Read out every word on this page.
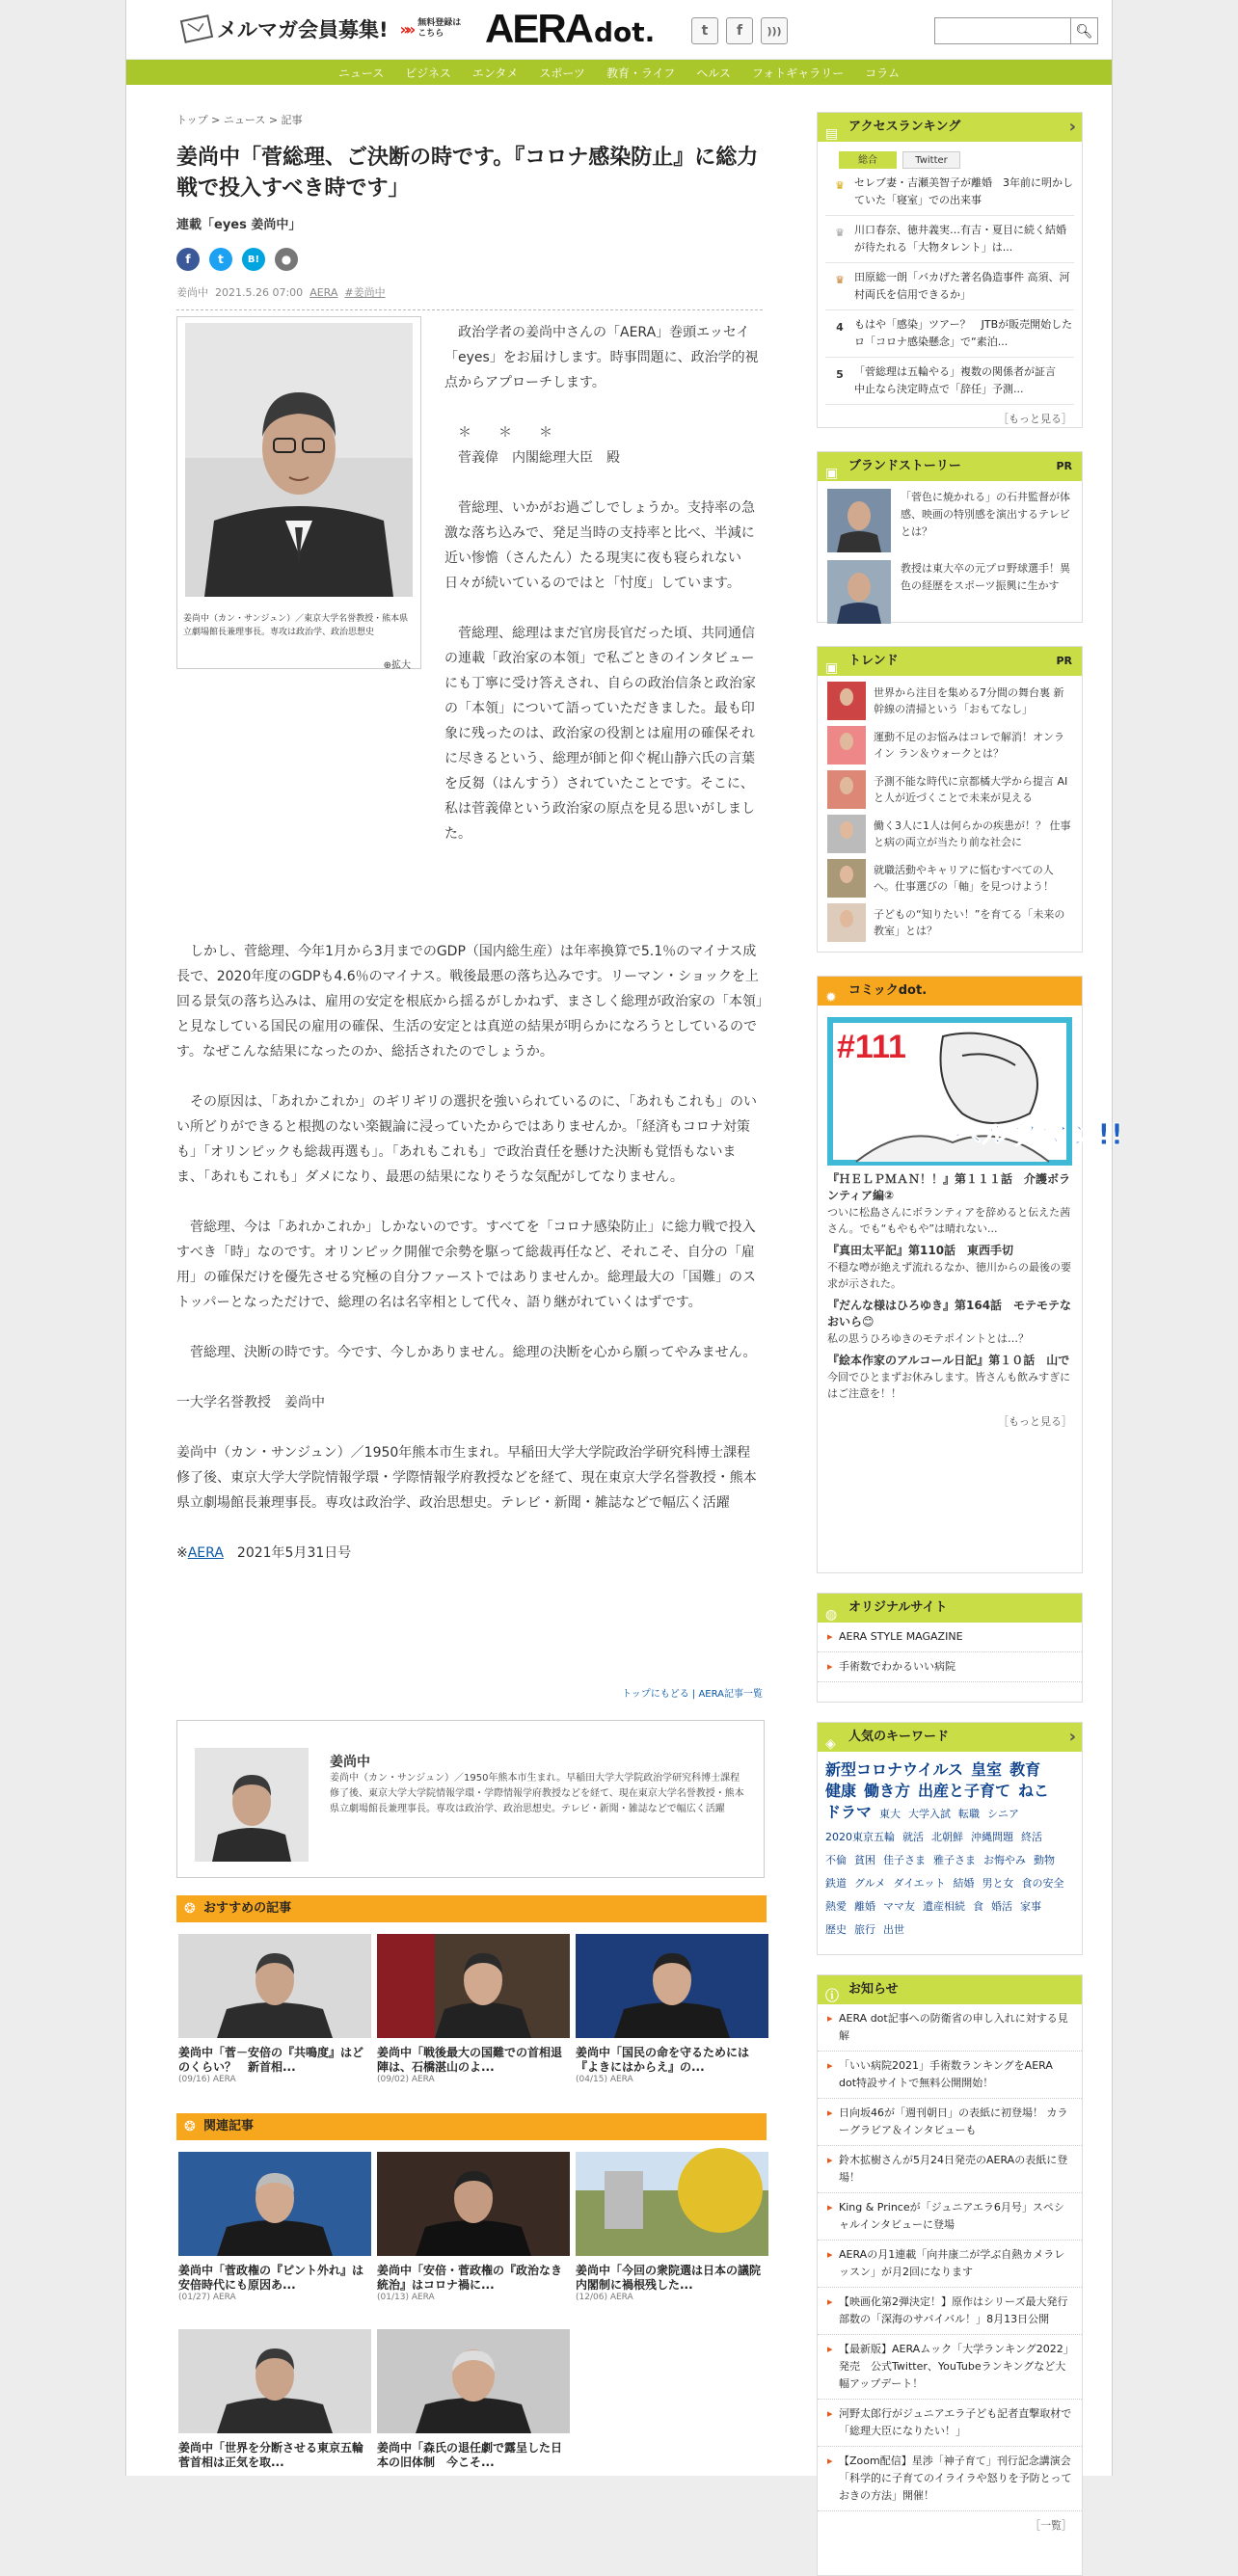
メルマガ会員募集! »» 無料登録は
こちら	AERA dot.	t	f	)))	🔍︎
ニュース ビジネス エンタメ スポーツ 教育・ライフ ヘルス フォトギャラリー コラム
トップ > ニュース > 記事
姜尚中「菅総理、ご決断の時です。『コロナ感染防止』に総力戦で投入すべき時です」
連載「eyes 姜尚中」
f	t	B!	●
姜尚中 2021.5.26 07:00 AERA #姜尚中
姜尚中（カン・サンジュン）／東京大学名誉教授・熊本県立劇場館長兼理事長。専攻は政治学、政治思想史
⊕拡大

政治学者の姜尚中さんの「AERA」巻頭エッセイ「eyes」をお届けします。時事問題に、政治学的視点からアプローチします。

＊　　＊　　＊
　菅義偉　内閣総理大臣　殿

菅総理、いかがお過ごしでしょうか。支持率の急激な落ち込みで、発足当時の支持率と比べ、半減に近い惨憺（さんたん）たる現実に夜も寝られない日々が続いているのではと「忖度」しています。

菅総理、総理はまだ官房長官だった頃、共同通信の連載「政治家の本領」で私ごときのインタビューにも丁寧に受け答えされ、自らの政治信条と政治家の「本領」について語っていただきました。最も印象に残ったのは、政治家の役割とは雇用の確保それに尽きるという、総理が師と仰ぐ梶山静六氏の言葉を反芻（はんすう）されていたことです。そこに、私は菅義偉という政治家の原点を見る思いがしました。

しかし、菅総理、今年1月から3月までのGDP（国内総生産）は年率換算で5.1％のマイナス成長で、2020年度のGDPも4.6％のマイナス。戦後最悪の落ち込みです。リーマン・ショックを上回る景気の落ち込みは、雇用の安定を根底から揺るがしかねず、まさしく総理が政治家の「本領」と見なしている国民の雇用の確保、生活の安定とは真逆の結果が明らかになろうとしているのです。なぜこんな結果になったのか、総括されたのでしょうか。

その原因は、「あれかこれか」のギリギリの選択を強いられているのに、「あれもこれも」のいい所どりができると根拠のない楽観論に浸っていたからではありませんか。「経済もコロナ対策も」「オリンピックも総裁再選も」。「あれもこれも」で政治責任を懸けた決断も覚悟もないまま、「あれもこれも」ダメになり、最悪の結果になりそうな気配がしてなりません。

菅総理、今は「あれかこれか」しかないのです。すべてを「コロナ感染防止」に総力戦で投入すべき「時」なのです。オリンピック開催で余勢を駆って総裁再任など、それこそ、自分の「雇用」の確保だけを優先させる究極の自分ファーストではありませんか。総理最大の「国難」のストッパーとなっただけで、総理の名は名宰相として代々、語り継がれていくはずです。

菅総理、決断の時です。今です、今しかありません。総理の決断を心から願ってやみません。

一大学名誉教授　姜尚中

姜尚中（カン・サンジュン）／1950年熊本市生まれ。早稲田大学大学院政治学研究科博士課程修了後、東京大学大学院情報学環・学際情報学府教授などを経て、現在東京大学名誉教授・熊本県立劇場館長兼理事長。専攻は政治学、政治思想史。テレビ・新聞・雑誌などで幅広く活躍

※AERA　2021年5月31日号

トップにもどる | AERA記事一覧
姜尚中
姜尚中（カン・サンジュン）／1950年熊本市生まれ。早稲田大学大学院政治学研究科博士課程修了後、東京大学大学院情報学環・学際情報学府教授などを経て、現在東京大学名誉教授・熊本県立劇場館長兼理事長。専攻は政治学、政治思想史。テレビ・新聞・雑誌などで幅広く活躍
❂ おすすめの記事
姜尚中「菅－安倍の『共鳴度』はどのくらい？　新首相...
(09/16) AERA
姜尚中「戦後最大の国難での首相退陣は、石橋湛山のよ...
(09/02) AERA
姜尚中「国民の命を守るためには『よきにはからえ』の...
(04/15) AERA
❂ 関連記事
姜尚中「菅政権の『ピント外れ』は安倍時代にも原因あ...
(01/27) AERA
姜尚中「安倍・菅政権の『政治なき統治』はコロナ禍に...
(01/13) AERA
姜尚中「今回の衆院選は日本の議院内閣制に禍根残した...
(12/06) AERA
姜尚中「世界を分断させる東京五輪　菅首相は正気を取...
姜尚中「森氏の退任劇で露呈した日本の旧体制　今こそ...
▤ アクセスランキング	›
総合	Twitter
♛ セレブ妻・吉瀬美智子が離婚　3年前に明かしていた「寝室」での出来事
♛ 川口春奈、徳井義実…有吉・夏目に続く結婚が待たれる「大物タレント」は...
♛ 田原総一朗「バカげた著名偽造事件 高須、河村両氏を信用できるか」
4	もはや「感染」ツアー？　JTBが販売開始したロ「コロナ感染懸念」で“素泊...
5	「菅総理は五輪やる」複数の関係者が証言　中止なら決定時点で「辞任」予測...
［もっと見る］
▣ ブランドストーリー	PR
「菅色に焼かれる」の石井監督が体感、映画の特別感を演出するテレビとは？
教授は東大卒の元プロ野球選手！異色の経歴をスポーツ振興に生かす
▣ トレンド	PR
世界から注目を集める7分間の舞台裏 新幹線の清掃という「おもてなし」
運動不足のお悩みはコレで解消！オンライン ラン＆ウォークとは？
予測不能な時代に京都橘大学から提言 AIと人が近づくことで未来が見える
働く3人に1人は何らかの疾患が！？ 仕事と病の両立が当たり前な社会に
就職活動やキャリアに悩むすべての人へ。仕事選びの「軸」を見つけよう！
子どもの“知りたい！”を育てる「未来の教室」とは？
✹ コミックdot.
#111
ヘルプマン!!
『ＨＥＬＰＭＡＮ！！』第１１１話　介護ボランティア編②
ついに松島さんにボランティアを辞めると伝えた茜さん。でも“もやもや”は晴れない...
『真田太平記』第110話　東西手切
不穏な噂が絶えず流れるなか、徳川からの最後の要求が示された。
『だんな様はひろゆき』第164話　モテモテなおいら😊
私の思うひろゆきのモテポイントとは…？
『絵本作家のアルコール日記』第１０話　山で
今回でひとまずお休みします。皆さんも飲みすぎにはご注意を！！
［もっと見る］
◍ オリジナルサイト
▸ AERA STYLE MAGAZINE
▸ 手術数でわかるいい病院
◈ 人気のキーワード	›
新型コロナウイルス 皇室 教育健康 働き方 出産と子育て ねこドラマ 東大 大学入試 転職 シニア2020東京五輪 就活 北朝鮮 沖縄問題 終活不倫 貧困 佳子さま 雅子さま お悔やみ 動物鉄道 グルメ ダイエット 結婚 男と女 食の安全熱愛 離婚 ママ友 遺産相続 食 婚活 家事歴史 旅行 出世
ⓘ お知らせ
▸ AERA dot記事への防衛省の申し入れに対する見解
▸ 「いい病院2021」手術数ランキングをAERA dot特設サイトで無料公開開始！
▸ 日向坂46が「週刊朝日」の表紙に初登場！ カラーグラビア＆インタビューも
▸ 鈴木拡樹さんが5月24日発売のAERAの表紙に登場！
▸ King & Princeが「ジュニアエラ6月号」スペシャルインタビューに登場
▸ AERAの月1連載「向井康二が学ぶ自熱カメラレッスン」が月2回になります
▸ 【映画化第2弾決定！】原作はシリーズ最大発行部数の「深海のサバイバル！」8月13日公開
▸ 【最新版】AERAムック「大学ランキング2022」発売　公式Twitter、YouTubeランキングなど大幅アップデート！
▸ 河野太郎行がジュニアエラ子ども記者直撃取材で「総理大臣になりたい！」
▸ 【Zoom配信】星渉「神子育て」刊行記念講演会「科学的に子育てのイライラや怒りを予防とっておきの方法」開催！
［一覧］
